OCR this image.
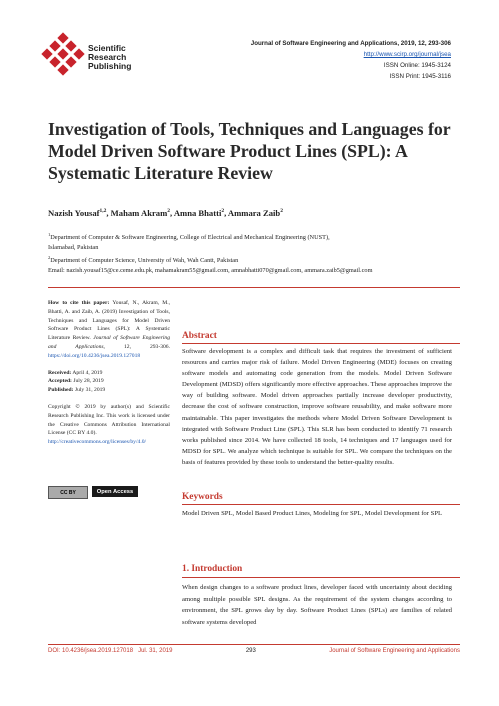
Scientific
Research
Publishing
Journal of Software Engineering and Applications, 2019, 12, 293-306
http://www.scirp.org/journal/jsea
ISSN Online: 1945-3124
ISSN Print: 1945-3116
Investigation of Tools, Techniques and Languages for Model Driven Software Product Lines (SPL): A Systematic Literature Review
Nazish Yousaf$^{1,2}$, Maham Akram$^2$, Amna Bhatti$^2$, Ammara Zaib$^2$
$^1$Department of Computer & Software Engineering, College of Electrical and Mechanical Engineering (NUST),
Islamabad, Pakistan
$^2$Department of Computer Science, University of Wah, Wah Cantt, Pakistan
Email: nazish.yousaf15@ce.ceme.edu.pk, mahamakram55@gmail.com, amnabhatti070@gmail.com, ammara.zaib5@gmail.com
How to cite this paper: Yousaf, N., Akram, M., Bhatti, A. and Zaib, A. (2019) Investigation of Tools, Techniques and Languages for Model Driven Software Product Lines (SPL): A Systematic Literature Review. Journal of Software Engineering and Applications,	12, 293-306. https://doi.org/10.4236/jsea.2019.127018
Received: April 4, 2019
Accepted: July 28, 2019
Published: July 31, 2019
Copyright © 2019 by author(s) and Scientific Research Publishing Inc. This work is licensed under the Creative Commons Attribution International License (CC BY 4.0).
http://creativecommons.org/licenses/by/4.0/
CC BY	Open Access
Abstract
Software development is a complex and difficult task that requires the investment of sufficient resources and carries major risk of failure. Model Driven Engineering (MDE) focuses on creating software models and automating code generation from the models. Model Driven Software Development (MDSD) offers significantly more effective approaches. These approaches improve the way of building software. Model driven approaches partially increase developer productivity, decrease the cost of software construction, improve software reusability, and make software more maintainable. This paper investigates the methods where Model Driven Software Development is integrated with Software Product Line (SPL). This SLR has been conducted to identify 71 research works published since 2014. We have collected 18 tools, 14 techniques and 17 languages used for MDSD for SPL. We analyze which technique is suitable for SPL. We compare the techniques on the basis of features provided by these tools to understand the better-quality results.
Keywords
Model Driven SPL, Model Based Product Lines, Modeling for SPL, Model Development for SPL
1. Introduction
When design changes to a software product lines, developer faced with uncertainty about deciding among multiple possible SPL designs. As the requirement of the system changes according to environment, the SPL grows day by day. Software Product Lines (SPLs) are families of related software systems developed
DOI: 10.4236/jsea.2019.127018 Jul. 31, 2019	293	Journal of Software Engineering and Applications
